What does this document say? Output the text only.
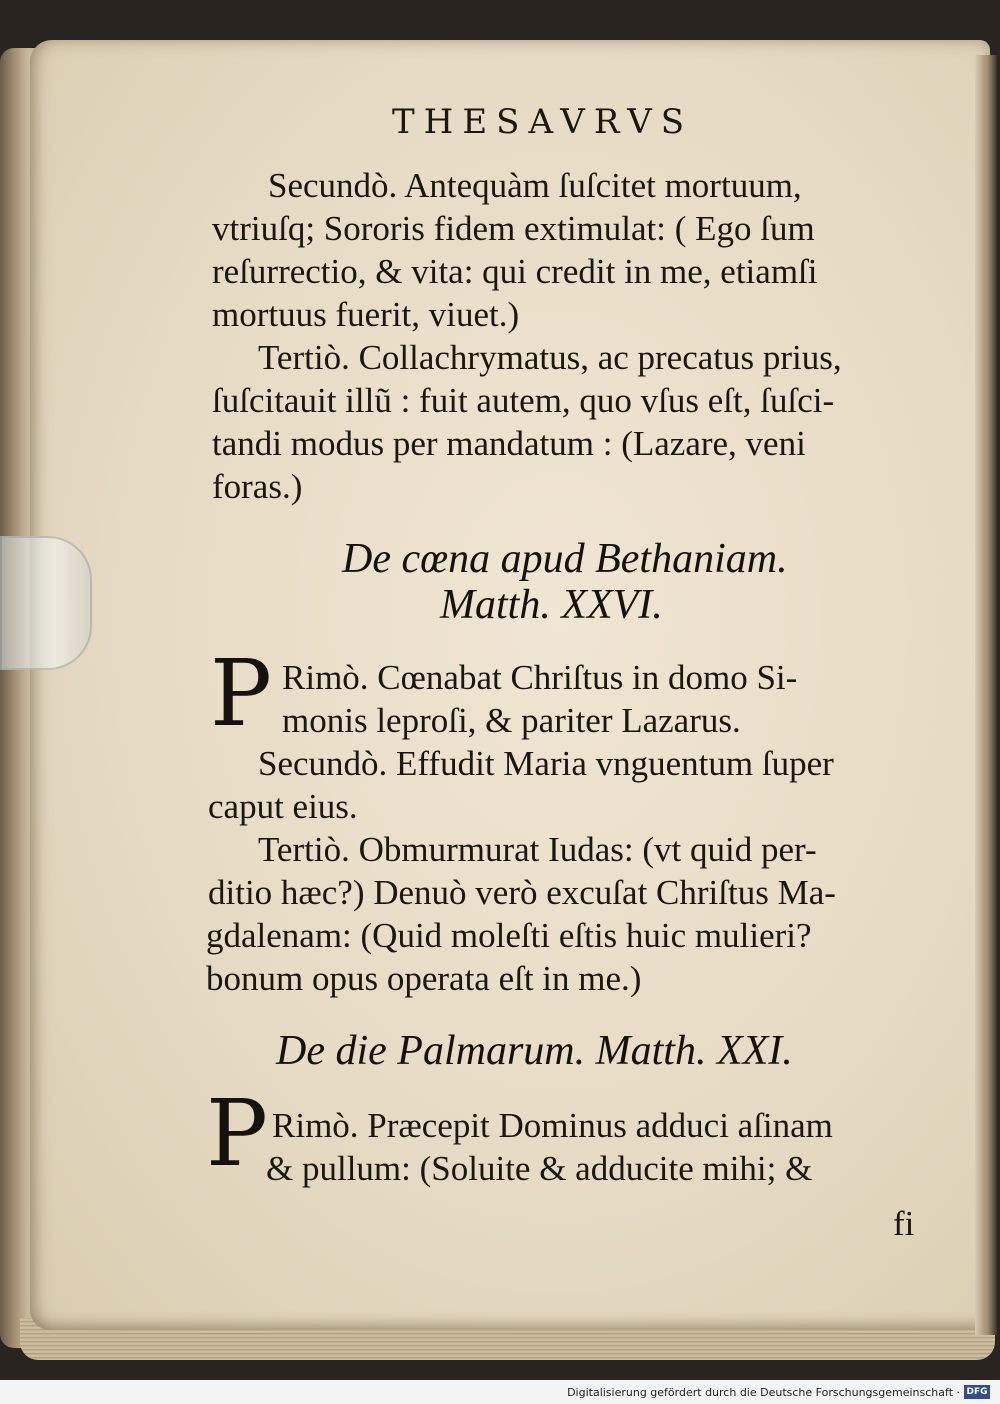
THESAVRVS
Secundò. Antequàm ſuſcitet mortuum,
vtriuſq; Sororis fidem extimulat: ( Ego ſum
reſurrectio, & vita: qui credit in me, etiamſi
mortuus fuerit, viuet.)
Tertiò. Collachrymatus, ac precatus prius,
ſuſcitauit illũ : fuit autem, quo vſus eſt, ſuſci-
tandi modus per mandatum : (Lazare, veni
foras.)
De cœna apud Bethaniam.
Matth. XXVI.
P Rimò. Cœnabat Chriſtus in domo Si-
monis leproſi, & pariter Lazarus.
Secundò. Effudit Maria vnguentum ſuper
caput eius.
Tertiò. Obmurmurat Iudas: (vt quid per-
ditio hæc?) Denuò verò excuſat Chriſtus Ma-
gdalenam: (Quid moleſti eſtis huic mulieri?
bonum opus operata eſt in me.)
De die Palmarum. Matth. XXI.
P Rimò. Præcepit Dominus adduci aſinam
& pullum: (Soluite & adducite mihi; &
fi
Digitalisierung gefördert durch die Deutsche Forschungsgemeinschaft · DFG
